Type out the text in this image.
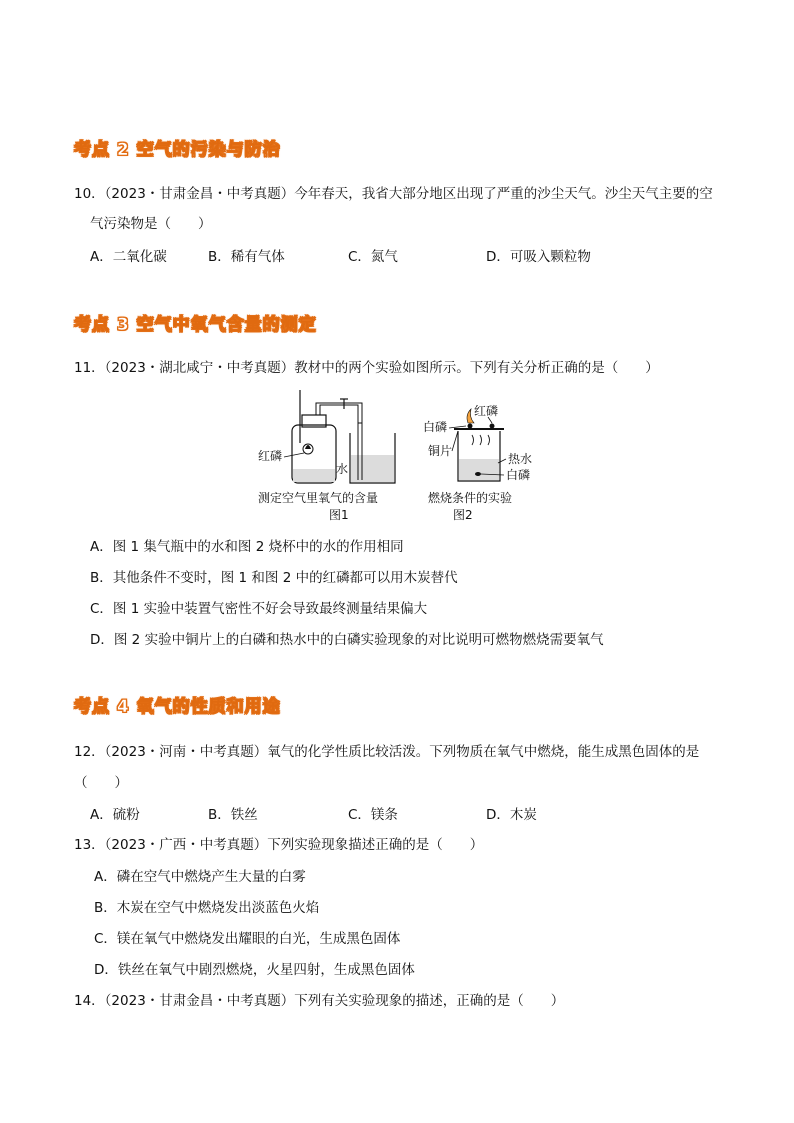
考点 2 空气的污染与防治
10．（2023・甘肃金昌・中考真题）今年春天，我省大部分地区出现了严重的沙尘天气。沙尘天气主要的空
气污染物是（　　）
A．二氧化碳	B．稀有气体	C．氮气	D．可吸入颗粒物
考点 3 空气中氧气含量的测定
11．（2023・湖北咸宁・中考真题）教材中的两个实验如图所示。下列有关分析正确的是（　　）
红磷
水
测定空气里氧气的含量
图1
白磷
红磷
铜片
热水
白磷
燃烧条件的实验
图2
A．图 1 集气瓶中的水和图 2 烧杯中的水的作用相同
B．其他条件不变时，图 1 和图 2 中的红磷都可以用木炭替代
C．图 1 实验中装置气密性不好会导致最终测量结果偏大
D．图 2 实验中铜片上的白磷和热水中的白磷实验现象的对比说明可燃物燃烧需要氧气
考点 4 氧气的性质和用途
12．（2023・河南・中考真题）氧气的化学性质比较活泼。下列物质在氧气中燃烧，能生成黑色固体的是
（　　）
A．硫粉	B．铁丝	C．镁条	D．木炭
13．（2023・广西・中考真题）下列实验现象描述正确的是（　　）
A．磷在空气中燃烧产生大量的白雾
B．木炭在空气中燃烧发出淡蓝色火焰
C．镁在氧气中燃烧发出耀眼的白光，生成黑色固体
D．铁丝在氧气中剧烈燃烧，火星四射，生成黑色固体
14．（2023・甘肃金昌・中考真题）下列有关实验现象的描述，正确的是（　　）
